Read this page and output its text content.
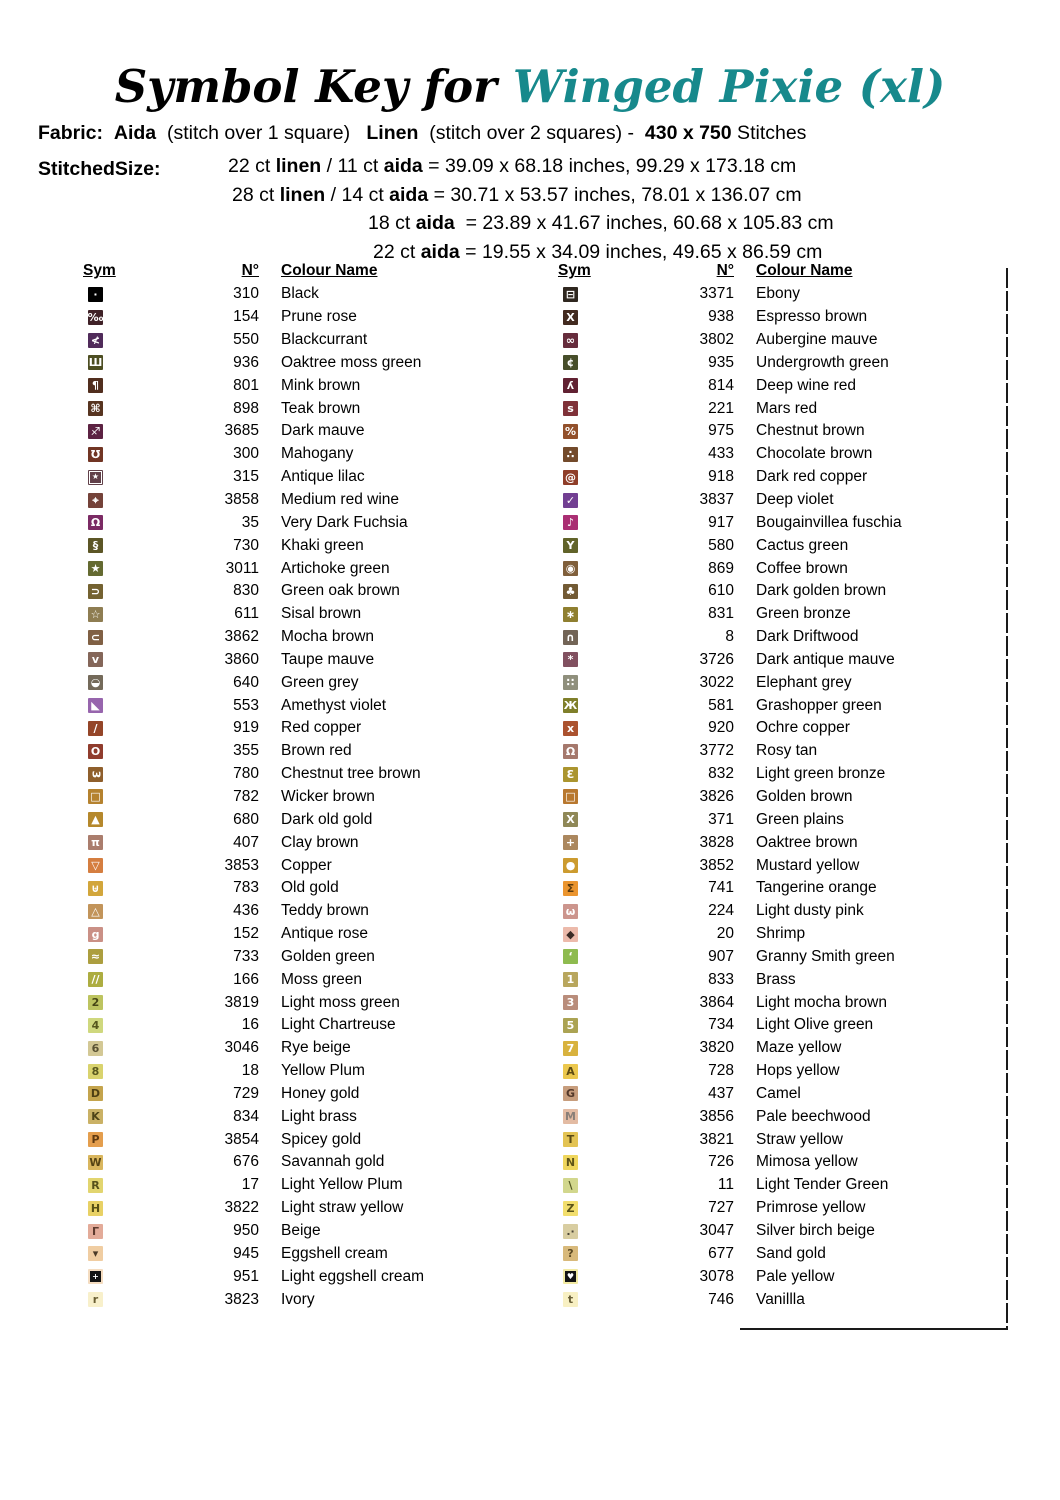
Symbol Key for Winged Pixie (xl)

Fabric: Aida  (stitch over 1 square)   Linen  (stitch over 2 squares) -  430 x 750 Stitches

StitchedSize:	22 ct linen / 11 ct aida = 39.09 x 68.18 inches, 99.29 x 173.18 cm
28 ct linen / 14 ct aida = 30.71 x 53.57 inches, 78.01 x 136.07 cm
18 ct aida  = 23.89 x 41.67 inches, 60.68 x 105.83 cm
22 ct aida = 19.55 x 34.09 inches, 49.65 x 86.59 cm
Sym	N°	Colour Name
·	310	Black
‰	154	Prune rose
≮	550	Blackcurrant
Ш	936	Oaktree moss green
¶	801	Mink brown
⌘	898	Teak brown
♐	3685	Dark mauve
℧	300	Mahogany
★	315	Antique lilac
⌖	3858	Medium red wine
Ω	35	Very Dark Fuchsia
§	730	Khaki green
★	3011	Artichoke green
⊃	830	Green oak brown
☆	611	Sisal brown
⊂	3862	Mocha brown
v	3860	Taupe mauve
◒	640	Green grey
◣	553	Amethyst violet
∕	919	Red copper
O	355	Brown red
3	780	Chestnut tree brown
□	782	Wicker brown
▲	680	Dark old gold
π	407	Clay brown
▽	3853	Copper
⊎	783	Old gold
△	436	Teddy brown
g	152	Antique rose
≈	733	Golden green
//	166	Moss green
2	3819	Light moss green
4	16	Light Chartreuse
6	3046	Rye beige
8	18	Yellow Plum
D	729	Honey gold
K	834	Light brass
P	3854	Spicey gold
W	676	Savannah gold
R	17	Light Yellow Plum
H	3822	Light straw yellow
Γ	950	Beige
▾	945	Eggshell cream
+	951	Light eggshell cream
r	3823	Ivory
Sym	N°	Colour Name
⊟	3371	Ebony
X	938	Espresso brown
∞	3802	Aubergine mauve
¢	935	Undergrowth green
ʎ	814	Deep wine red
s	221	Mars red
%	975	Chestnut brown
∴	433	Chocolate brown
@	918	Dark red copper
✓	3837	Deep violet
♪	917	Bougainvillea fuschia
Y	580	Cactus green
◉	869	Coffee brown
♣	610	Dark golden brown
∗	831	Green bronze
∩	8	Dark Driftwood
*	3726	Dark antique mauve
∷	3022	Elephant grey
Ж	581	Grashopper green
x	920	Ochre copper
Ω	3772	Rosy tan
Ɛ	832	Light green bronze
□	3826	Golden brown
X	371	Green plains
+	3828	Oaktree brown
●	3852	Mustard yellow
Σ	741	Tangerine orange
ω	224	Light dusty pink
◆	20	Shrimp
‘	907	Granny Smith green
1	833	Brass
3	3864	Light mocha brown
5	734	Light Olive green
7	3820	Maze yellow
A	728	Hops yellow
G	437	Camel
M	3856	Pale beechwood
T	3821	Straw yellow
N	726	Mimosa yellow
\	11	Light Tender Green
Z	727	Primrose yellow
.·	3047	Silver birch beige
?	677	Sand gold
♥	3078	Pale yellow
t	746	Vanillla
